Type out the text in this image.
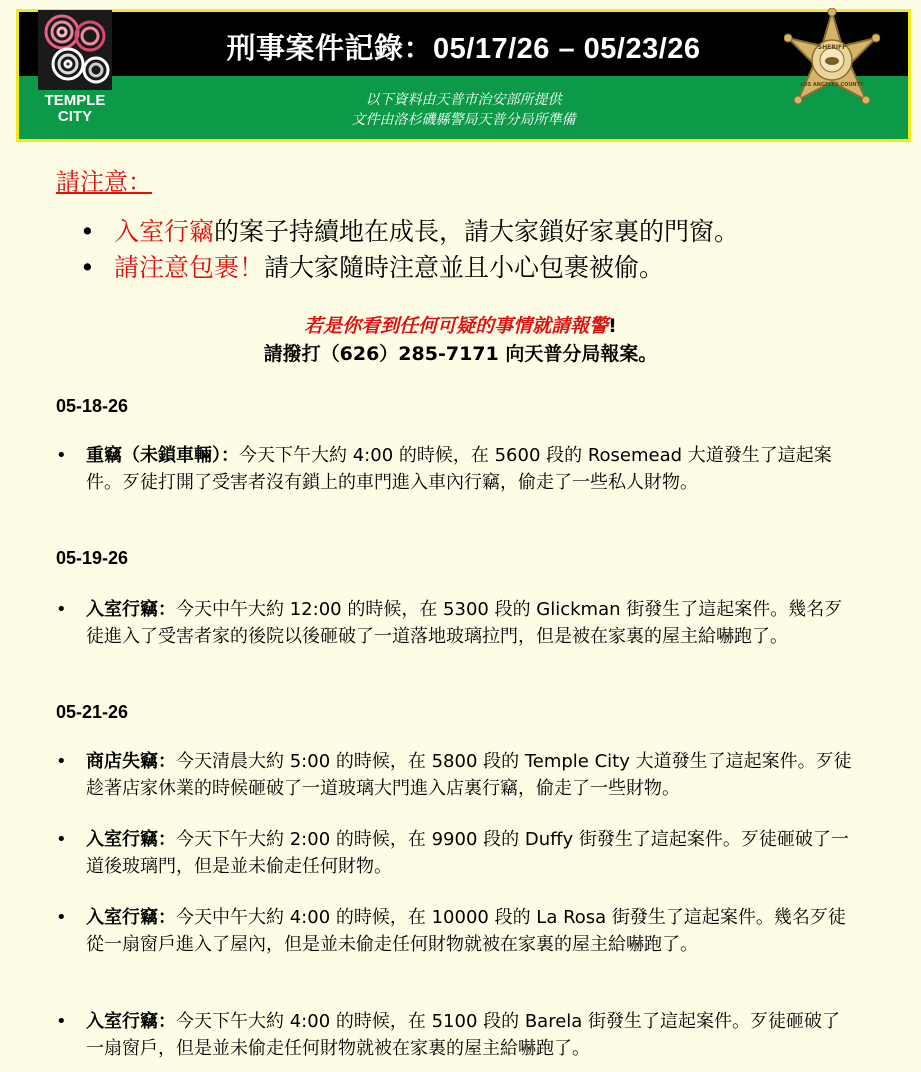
刑事案件記錄：05/17/26 – 05/23/26
以下資料由天普市治安部所提供
文件由洛杉磯縣警局天普分局所準備
TEMPLE
CITY
SHERIFF
LOS ANGELES COUNTY
請注意：
• 入室行竊的案子持續地在成長，請大家鎖好家裏的門窗。
• 請注意包裹！請大家隨時注意並且小心包裹被偷。
若是你看到任何可疑的事情就請報警!
請撥打（626）285-7171 向天普分局報案。
05-18-26
• 重竊（未鎖車輛）：今天下午大約 4:00 的時候，在 5600 段的 Rosemead 大道發生了這起案件。歹徒打開了受害者沒有鎖上的車門進入車內行竊，偷走了一些私人財物。
05-19-26
• 入室行竊：今天中午大約 12:00 的時候，在 5300 段的 Glickman 街發生了這起案件。幾名歹徒進入了受害者家的後院以後砸破了一道落地玻璃拉門，但是被在家裏的屋主給嚇跑了。
05-21-26
• 商店失竊：今天清晨大約 5:00 的時候，在 5800 段的 Temple City 大道發生了這起案件。歹徒趁著店家休業的時候砸破了一道玻璃大門進入店裏行竊，偷走了一些財物。
• 入室行竊：今天下午大約 2:00 的時候，在 9900 段的 Duffy 街發生了這起案件。歹徒砸破了一道後玻璃門，但是並未偷走任何財物。
• 入室行竊：今天中午大約 4:00 的時候，在 10000 段的 La Rosa 街發生了這起案件。幾名歹徒從一扇窗戶進入了屋內，但是並未偷走任何財物就被在家裏的屋主給嚇跑了。
• 入室行竊：今天下午大約 4:00 的時候，在 5100 段的 Barela 街發生了這起案件。歹徒砸破了一扇窗戶，但是並未偷走任何財物就被在家裏的屋主給嚇跑了。
